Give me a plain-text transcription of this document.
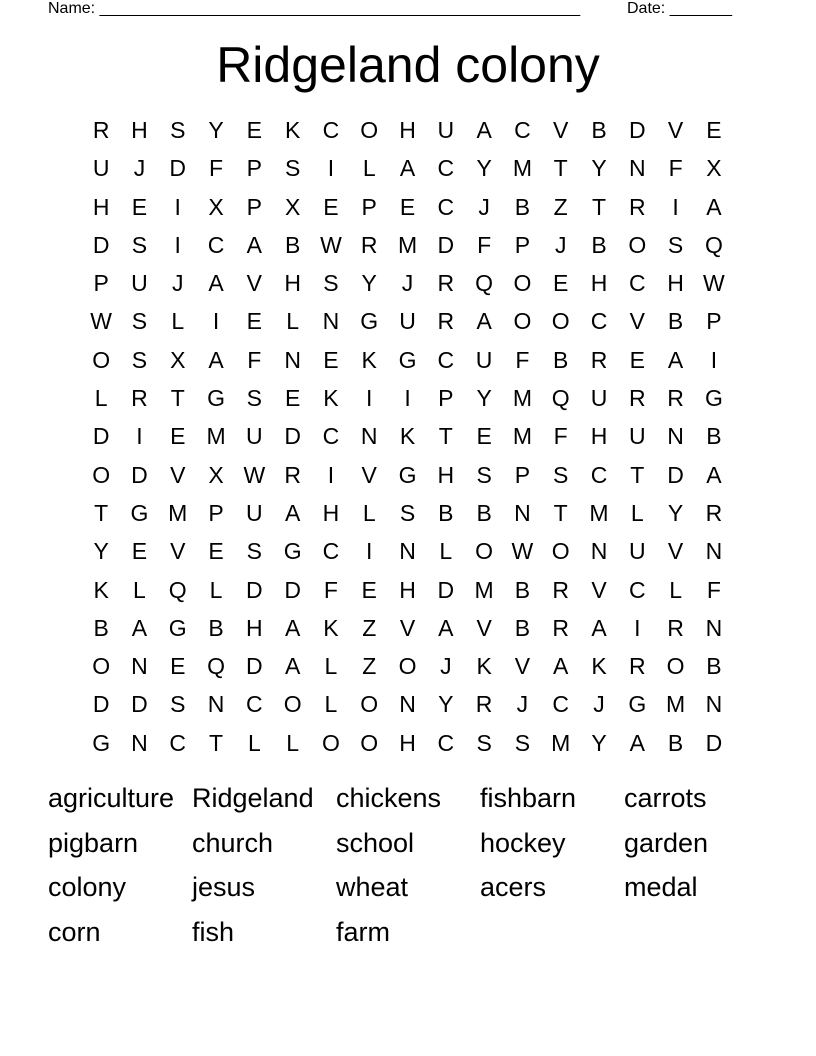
Name: ______________________________________________________	Date: _______
Ridgeland colony
R H S Y E K C O H U A C V B D V E
U	J	D F	P S	I	L	A C Y M T	Y N F	X
H E	I	X P X E P E C	J	B	Z	T R	I	A
D S	I	C A B W R M D F	P	J	B O S Q
P U	J	A V H S Y	J	R Q O E H C H W
W S	L	I	E	L	N G U R A O O C V B P
O S X A	F N E K G C U F	B R E A	I
L	R T G S E K	I	I	P Y M Q U R R G
D	I	E M U D C N K	T	E M F H U N B
O D V X W R	I	V G H S P S C T D A
T G M P U A H	L	S B B N T M L	Y R
Y E V E S G C	I	N	L O W O N U V N
K	L Q L	D D F	E H D M B R V C	L	F
B A G B H A K	Z	V A V B R A	I	R N
O N E Q D A	L	Z O	J	K V A K R O B
D D S N C O L O N Y R	J	C	J	G M N
G N C T	L	L O O H C S S M Y A B D
agriculture Ridgeland chickens	fishbarn	carrots
pigbarn	church	school	hockey	garden
colony	jesus	wheat	acers	medal
corn	fish	farm
